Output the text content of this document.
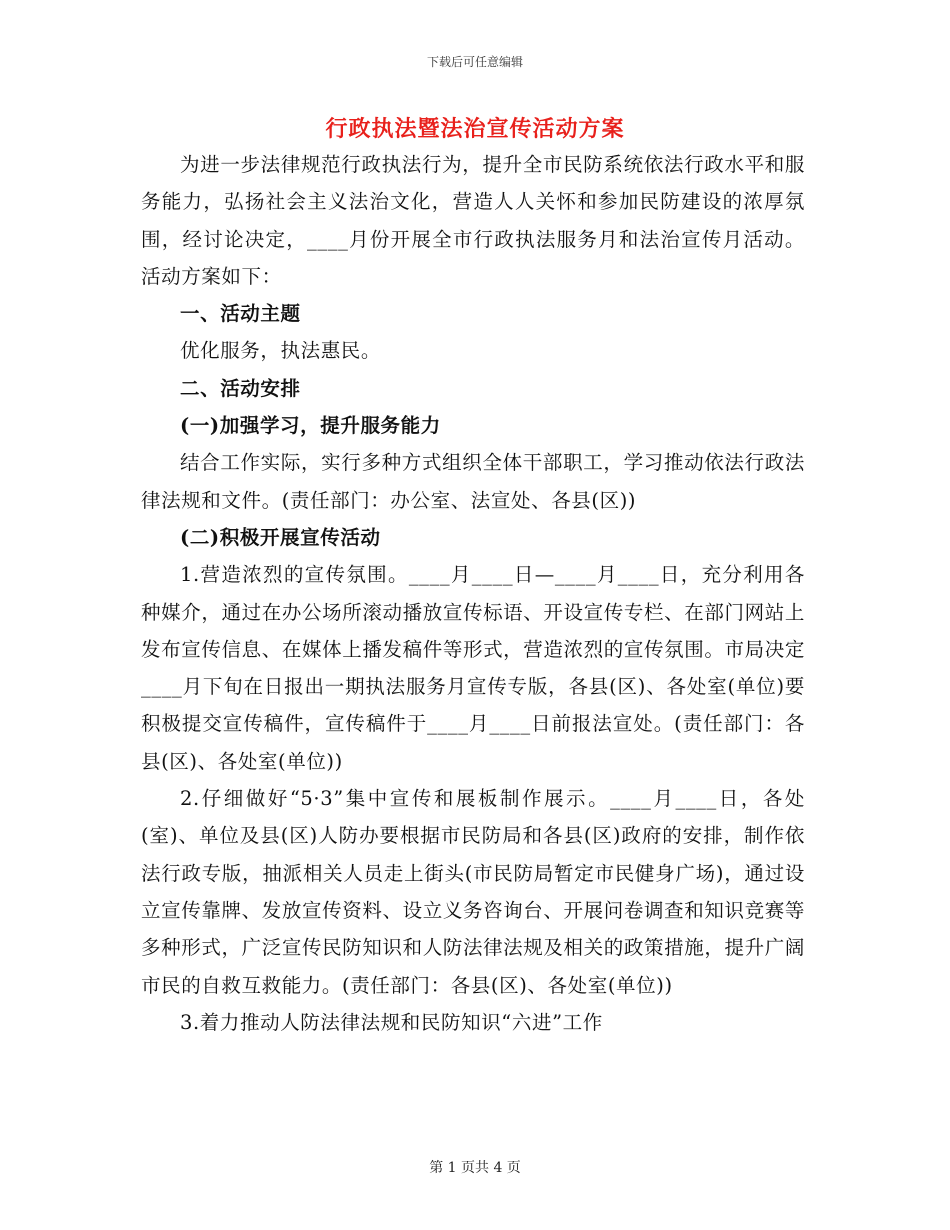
下载后可任意编辑
行政执法暨法治宣传活动方案

为进一步法律规范行政执法行为，提升全市民防系统依法行政水平和服务能力，弘扬社会主义法治文化，营造人人关怀和参加民防建设的浓厚氛围，经讨论决定，____月份开展全市行政执法服务月和法治宣传月活动。活动方案如下：

一、活动主题

优化服务，执法惠民。

二、活动安排

(一)加强学习，提升服务能力

结合工作实际，实行多种方式组织全体干部职工，学习推动依法行政法律法规和文件。(责任部门：办公室、法宣处、各县(区))

(二)积极开展宣传活动

1.营造浓烈的宣传氛围。____月____日—____月____日，充分利用各种媒介，通过在办公场所滚动播放宣传标语、开设宣传专栏、在部门网站上发布宣传信息、在媒体上播发稿件等形式，营造浓烈的宣传氛围。市局决定____月下旬在日报出一期执法服务月宣传专版，各县(区)、各处室(单位)要积极提交宣传稿件，宣传稿件于____月____日前报法宣处。(责任部门：各县(区)、各处室(单位))

2.仔细做好“5·3”集中宣传和展板制作展示。____月____日，各处(室)、单位及县(区)人防办要根据市民防局和各县(区)政府的安排，制作依法行政专版，抽派相关人员走上街头(市民防局暂定市民健身广场)，通过设立宣传靠牌、发放宣传资料、设立义务咨询台、开展问卷调查和知识竞赛等多种形式，广泛宣传民防知识和人防法律法规及相关的政策措施，提升广阔市民的自救互救能力。(责任部门：各县(区)、各处室(单位))

3.着力推动人防法律法规和民防知识“六进”工作

第 1 页共 4 页
